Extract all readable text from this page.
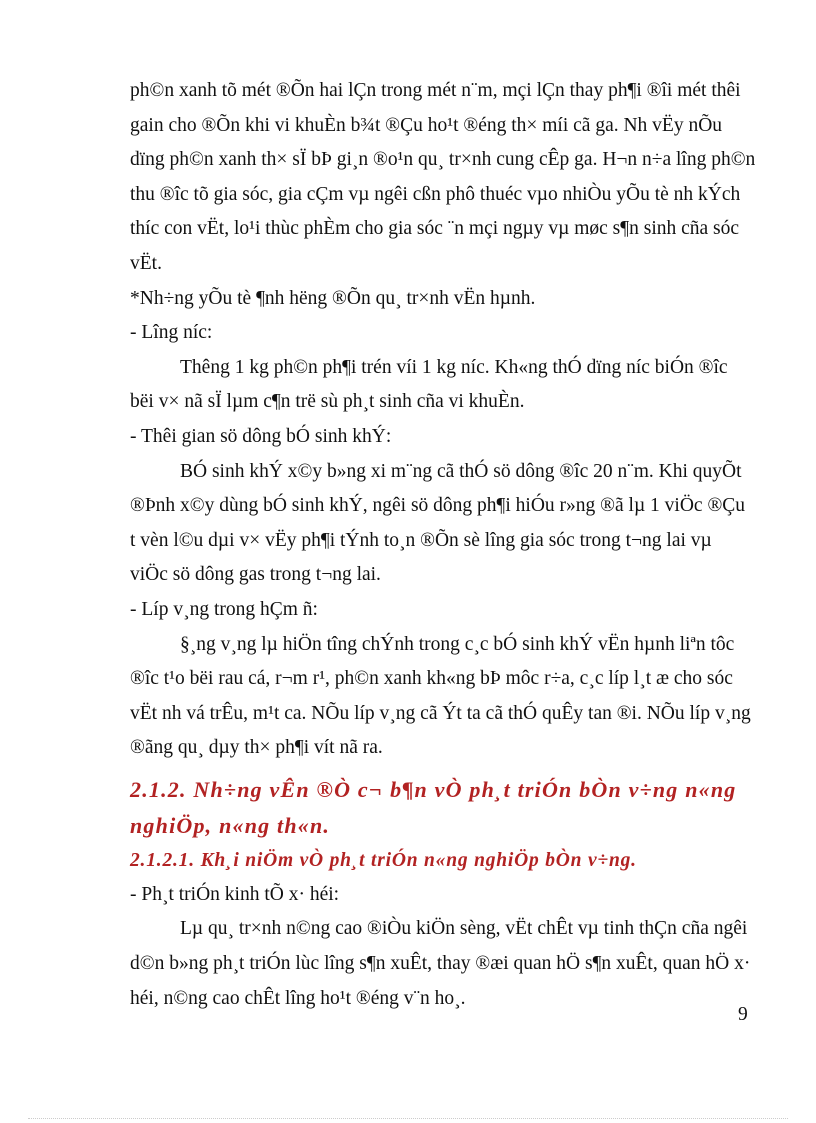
ph©n xanh tõ mét ®Õn hai lÇn trong mét n¨m, mçi lÇn thay ph¶i ®îi mét thêi
gain cho ®Õn khi vi khuÈn b¾t ®Çu ho¹t ®éng th× míi cã ga. Nh vËy nÕu
dïng ph©n xanh th× sÏ bÞ gi¸n ®o¹n qu¸ tr×nh cung cÊp ga. H¬n n÷a lîng ph©n
thu ®îc tõ gia sóc, gia cÇm vµ ngêi cßn phô thuéc vµo nhiÒu yÕu tè nh kÝch
thíc con vËt, lo¹i thùc phÈm cho gia sóc ¨n mçi ngµy vµ møc s¶n sinh cña sóc
vËt.
*Nh÷ng yÕu tè ¶nh hëng ®Õn qu¸ tr×nh vËn hµnh.
- Lîng níc:
Thêng 1 kg ph©n ph¶i trén víi 1 kg níc. Kh«ng thÓ dïng níc biÓn ®îc
bëi v× nã sÏ lµm c¶n trë sù ph¸t sinh cña vi khuÈn.
- Thêi gian sö dông bÓ sinh khÝ:
BÓ sinh khÝ x©y b»ng xi m¨ng cã thÓ sö dông ®îc 20 n¨m. Khi quyÕt
®Þnh x©y dùng bÓ sinh khÝ, ngêi sö dông ph¶i hiÓu r»ng ®ã lµ 1 viÖc ®Çu
t vèn l©u dµi v× vËy ph¶i tÝnh to¸n ®Õn sè lîng gia sóc trong t¬ng lai vµ
viÖc sö dông gas trong t¬ng lai.
- Líp v¸ng trong hÇm ñ:
§¸ng v¸ng lµ hiÖn tîng chÝnh trong c¸c bÓ sinh khÝ vËn hµnh liªn tôc
®îc t¹o bëi rau cá, r¬m r¹, ph©n xanh kh«ng bÞ môc r÷a, c¸c líp l¸t æ cho sóc
vËt nh vá trÊu, m¹t ca. NÕu líp v¸ng cã Ýt ta cã thÓ quÊy tan ®i. NÕu líp v¸ng
®ãng qu¸ dµy th× ph¶i vít nã ra.
2.1.2. Nh÷ng vÊn ®Ò c¬ b¶n vÒ ph¸t triÓn bÒn v÷ng n«ng
nghiÖp, n«ng th«n.
2.1.2.1. Kh¸i niÖm vÒ ph¸t triÓn n«ng nghiÖp bÒn v÷ng.
- Ph¸t triÓn kinh tÕ x· héi:
Lµ qu¸ tr×nh n©ng cao ®iÒu kiÖn sèng, vËt chÊt vµ tinh thÇn cña ngêi
d©n b»ng ph¸t triÓn lùc lîng s¶n xuÊt, thay ®æi quan hÖ s¶n xuÊt, quan hÖ x·
héi, n©ng cao chÊt lîng ho¹t ®éng v¨n ho¸.
9
